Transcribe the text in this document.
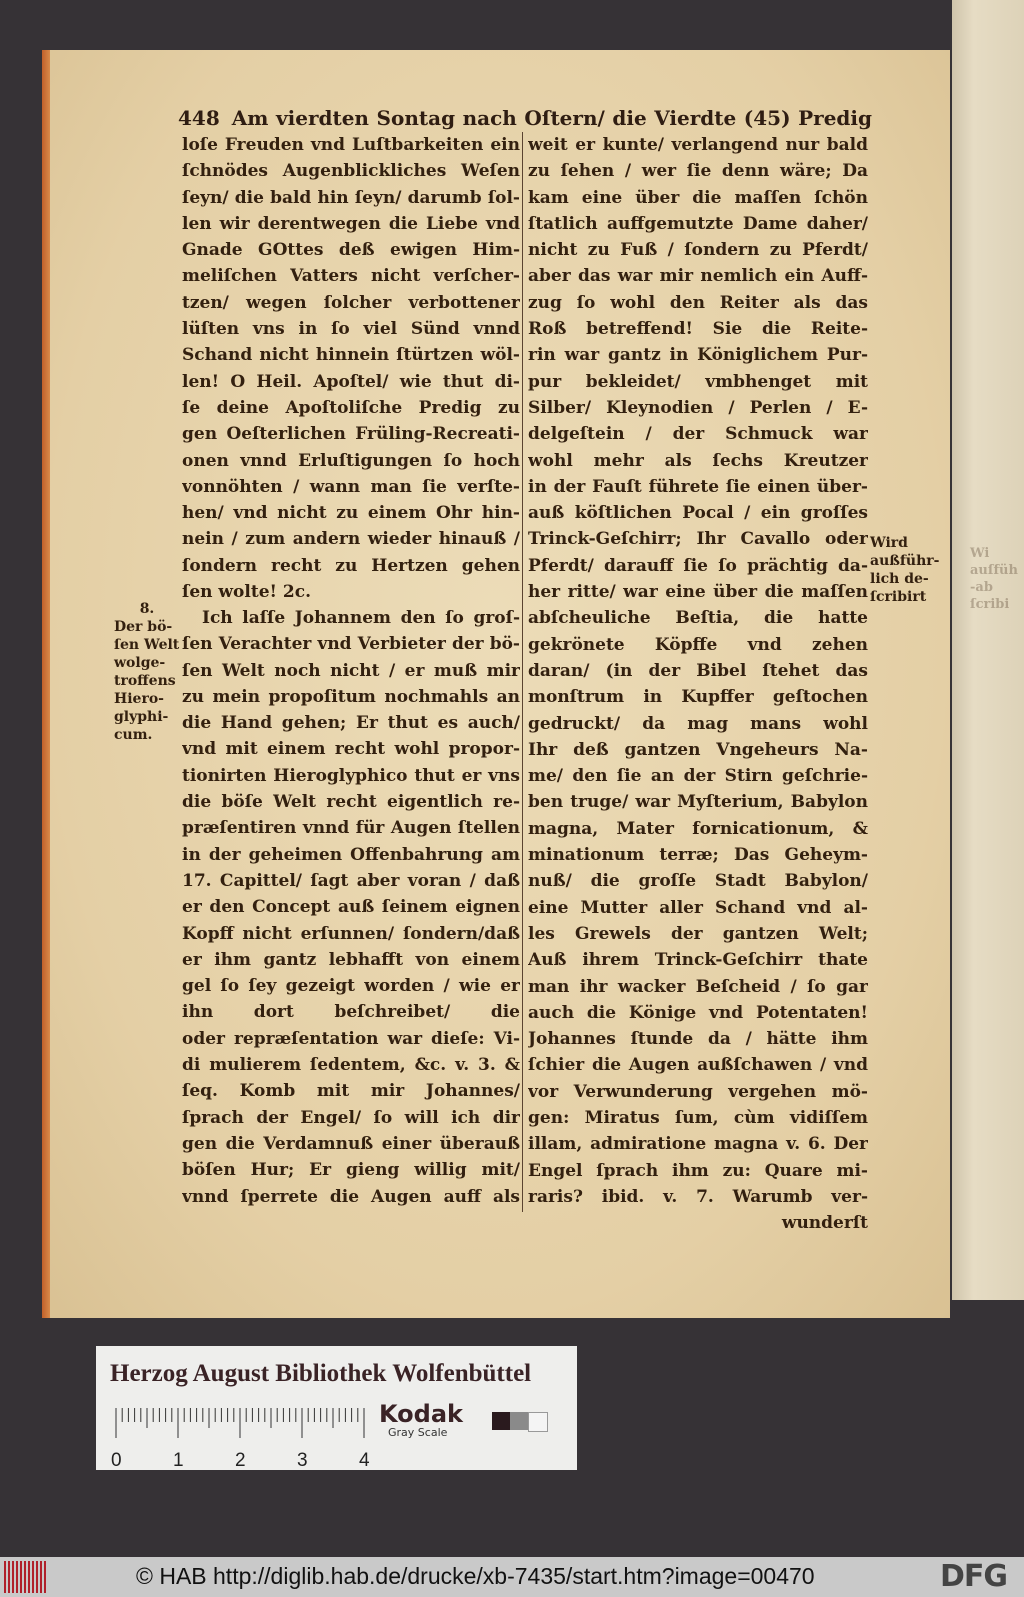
Wi
auſfüh
-ab
ſcribi
448 Am vierdten Sontag nach Oſtern/ die Vierdte (45) Predig
loſe Freuden vnd Luſtbarkeiten ein
ſchnödes Augenblickliches Weſen
ſeyn/ die bald hin ſeyn/ darumb ſol-
len wir derentwegen die Liebe vnd
Gnade GOttes deß ewigen Him-
meliſchen Vatters nicht verſcher-
tzen/ wegen ſolcher verbottener
lüſten vns in ſo viel Sünd vnnd
Schand nicht hinnein ſtürtzen wöl-
len! O Heil. Apoſtel/ wie thut di-
ſe deine Apoſtoliſche Predig zu
gen Oeſterlichen Früling-Recreati-
onen vnnd Erluſtigungen ſo hoch
vonnöhten / wann man ſie verſte-
hen/ vnd nicht zu einem Ohr hin-
nein / zum andern wieder hinauß /
ſondern recht zu Hertzen gehen
ſen wolte! 2c.
Ich laſſe Johannem den ſo groſ-
ſen Verachter vnd Verbieter der bö-
ſen Welt noch nicht / er muß mir
zu mein propoſitum nochmahls an
die Hand gehen; Er thut es auch/
vnd mit einem recht wohl propor-
tionirten Hieroglyphico thut er vns
die böſe Welt recht eigentlich re-
præſentiren vnnd für Augen ſtellen
in der geheimen Offenbahrung am
17. Capittel/ ſagt aber voran / daß
er den Concept auß ſeinem eignen
Kopff nicht erſunnen/ ſondern/daß
er ihm gantz lebhafft von einem
gel ſo ſey gezeigt worden / wie er
ihn dort beſchreibet/ die
oder repræſentation war dieſe: Vi-
di mulierem ſedentem, &c. v. 3. &
ſeq. Komb mit mir Johannes/
ſprach der Engel/ ſo will ich dir
gen die Verdamnuß einer überauß
böſen Hur; Er gieng willig mit/
vnnd ſperrete die Augen auff als
weit er kunte/ verlangend nur bald
zu ſehen / wer ſie denn wäre; Da
kam eine über die maſſen ſchön
ſtatlich auffgemutzte Dame daher/
nicht zu Fuß / ſondern zu Pferdt/
aber das war mir nemlich ein Auff-
zug ſo wohl den Reiter als das
Roß betreffend! Sie die Reite-
rin war gantz in Königlichem Pur-
pur bekleidet/ vmbhenget mit
Silber/ Kleynodien / Perlen / E-
delgeſtein / der Schmuck war
wohl mehr als ſechs Kreutzer
in der Fauſt führete ſie einen über-
auß köſtlichen Pocal / ein groſſes
Trinck-Geſchirr; Ihr Cavallo oder
Pferdt/ darauff ſie ſo prächtig da-
her ritte/ war eine über die maſſen
abſcheuliche Beſtia, die hatte
gekrönete Köpffe vnd zehen
daran/ (in der Bibel ſtehet das
monſtrum in Kupffer geſtochen
gedruckt/ da mag mans wohl
Ihr deß gantzen Vngeheurs Na-
me/ den ſie an der Stirn geſchrie-
ben truge/ war Myſterium, Babylon
magna, Mater fornicationum, &
minationum terræ; Das Geheym-
nuß/ die groſſe Stadt Babylon/
eine Mutter aller Schand vnd al-
les Grewels der gantzen Welt;
Auß ihrem Trinck-Geſchirr thate
man ihr wacker Beſcheid / ſo gar
auch die Könige vnd Potentaten!
Johannes ſtunde da / hätte ihm
ſchier die Augen außſchawen / vnd
vor Verwunderung vergehen mö-
gen: Miratus ſum, cùm vidiſſem
illam, admiratione magna v. 6. Der
Engel ſprach ihm zu: Quare mi-
raris? ibid. v. 7. Warumb ver-
wunderſt
8.
Der bö-
ſen Welt
wolge-
troffens
Hiero-
glyphi-
cum.
Wird
außführ-
lich de-
ſcribirt
Herzog August Bibliothek Wolfenbüttel
0	1	2	3	4
Kodak
Gray Scale
© HAB http://diglib.hab.de/drucke/xb-7435/start.htm?image=00470	DFG
